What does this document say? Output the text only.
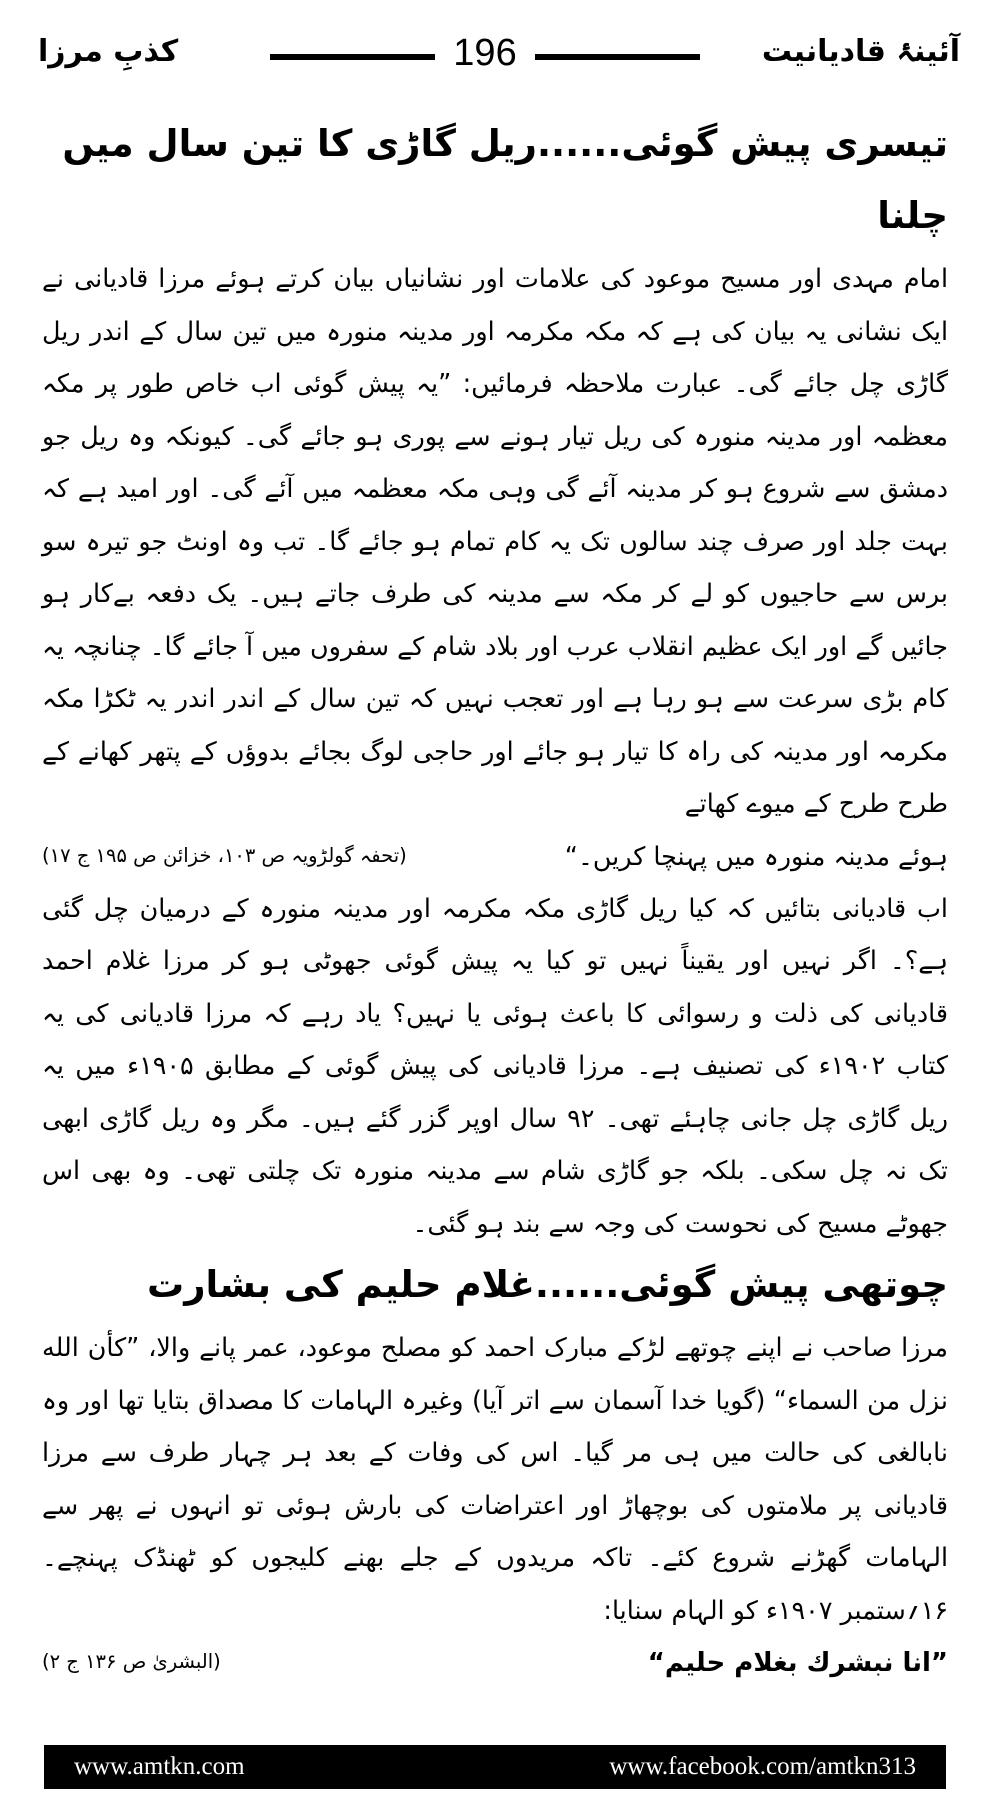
آئینۂ قادیانیت
196
کذبِ مرزا
تیسری پیش گوئی......ریل گاڑی کا تین سال میں چلنا

امام مہدی اور مسیح موعود کی علامات اور نشانیاں بیان کرتے ہوئے مرزا قادیانی نے ایک نشانی یہ بیان کی ہے کہ مکہ مکرمہ اور مدینہ منورہ میں تین سال کے اندر ریل گاڑی چل جائے گی۔ عبارت ملاحظہ فرمائیں: ”یہ پیش گوئی اب خاص طور پر مکہ معظمہ اور مدینہ منورہ کی ریل تیار ہونے سے پوری ہو جائے گی۔ کیونکہ وہ ریل جو دمشق سے شروع ہو کر مدینہ آئے گی وہی مکہ معظمہ میں آئے گی۔ اور امید ہے کہ بہت جلد اور صرف چند سالوں تک یہ کام تمام ہو جائے گا۔ تب وہ اونٹ جو تیرہ سو برس سے حاجیوں کو لے کر مکہ سے مدینہ کی طرف جاتے ہیں۔ یک دفعہ بےکار ہو جائیں گے اور ایک عظیم انقلاب عرب اور بلاد شام کے سفروں میں آ جائے گا۔ چنانچہ یہ کام بڑی سرعت سے ہو رہا ہے اور تعجب نہیں کہ تین سال کے اندر اندر یہ ٹکڑا مکہ مکرمہ اور مدینہ کی راہ کا تیار ہو جائے اور حاجی لوگ بجائے بدوؤں کے پتھر کھانے کے طرح طرح کے میوے کھاتے

ہوئے مدینہ منورہ میں پہنچا کریں۔“
(تحفہ گولڑویہ ص ۱۰۳، خزائن ص ۱۹۵ ج ۱۷)

اب قادیانی بتائیں کہ کیا ریل گاڑی مکہ مکرمہ اور مدینہ منورہ کے درمیان چل گئی ہے؟۔ اگر نہیں اور یقیناً نہیں تو کیا یہ پیش گوئی جھوٹی ہو کر مرزا غلام احمد قادیانی کی ذلت و رسوائی کا باعث ہوئی یا نہیں؟ یاد رہے کہ مرزا قادیانی کی یہ کتاب ۱۹۰۲ء کی تصنیف ہے۔ مرزا قادیانی کی پیش گوئی کے مطابق ۱۹۰۵ء میں یہ ریل گاڑی چل جانی چاہئے تھی۔ ۹۲ سال اوپر گزر گئے ہیں۔ مگر وہ ریل گاڑی ابھی تک نہ چل سکی۔ بلکہ جو گاڑی شام سے مدینہ منورہ تک چلتی تھی۔ وہ بھی اس جھوٹے مسیح کی نحوست کی وجہ سے بند ہو گئی۔

چوتھی پیش گوئی......غلام حلیم کی بشارت

مرزا صاحب نے اپنے چوتھے لڑکے مبارک احمد کو مصلح موعود، عمر پانے والا، ”کأن الله نزل من السماء“ (گویا خدا آسمان سے اتر آیا) وغیرہ الہامات کا مصداق بتایا تھا اور وہ نابالغی کی حالت میں ہی مر گیا۔ اس کی وفات کے بعد ہر چہار طرف سے مرزا قادیانی پر ملامتوں کی بوچھاڑ اور اعتراضات کی بارش ہوئی تو انہوں نے پھر سے الہامات گھڑنے شروع کئے۔ تاکہ مریدوں کے جلے بھنے کلیجوں کو ٹھنڈک پہنچے۔ ۱۶؍ستمبر ۱۹۰۷ء کو الہام سنایا:

”انا نبشرك بغلام حليم“
(البشریٰ ص ۱۳۶ ج ۲)
www.amtkn.com	www.facebook.com/amtkn313
